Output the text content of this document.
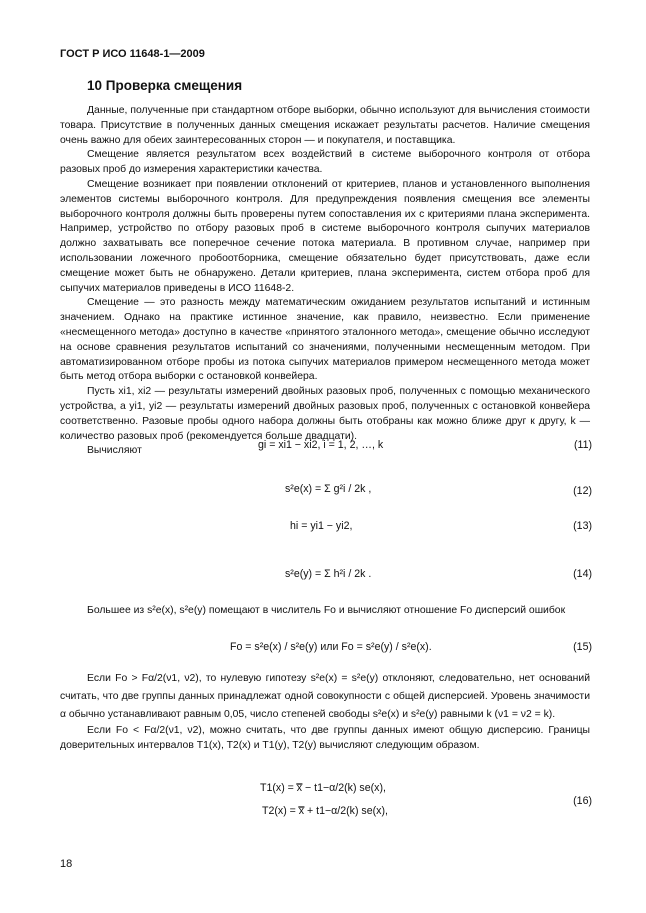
ГОСТ Р ИСО 11648-1—2009
10 Проверка смещения

Данные, полученные при стандартном отборе выборки, обычно используют для вычисления стоимости товара. Присутствие в полученных данных смещения искажает результаты расчетов. Наличие смещения очень важно для обеих заинтересованных сторон — и покупателя, и поставщика.

Смещение является результатом всех воздействий в системе выборочного контроля от отбора разовых проб до измерения характеристики качества.

Смещение возникает при появлении отклонений от критериев, планов и установленного выполнения элементов системы выборочного контроля. Для предупреждения появления смещения все элементы выборочного контроля должны быть проверены путем сопоставления их с критериями плана эксперимента. Например, устройство по отбору разовых проб в системе выборочного контроля сыпучих материалов должно захватывать все поперечное сечение потока материала. В противном случае, например при использовании ложечного пробоотборника, смещение обязательно будет присутствовать, даже если смещение может быть не обнаружено. Детали критериев, плана эксперимента, систем отбора проб для сыпучих материалов приведены в ИСО 11648-2.

Смещение — это разность между математическим ожиданием результатов испытаний и истинным значением. Однако на практике истинное значение, как правило, неизвестно. Если применение «несмещенного метода» доступно в качестве «принятого эталонного метода», смещение обычно исследуют на основе сравнения результатов испытаний со значениями, полученными несмещенным методом. При автоматизированном отборе пробы из потока сыпучих материалов примером несмещенного метода может быть метод отбора выборки с остановкой конвейера.

Пусть xi1, xi2 — результаты измерений двойных разовых проб, полученных с помощью механического устройства, а yi1, yi2 — результаты измерений двойных разовых проб, полученных с остановкой конвейера соответственно. Разовые пробы одного набора должны быть отобраны как можно ближе друг к другу, k — количество разовых проб (рекомендуется больше двадцати).

Вычисляют	gi = xi1 − xi2, i = 1, 2, …, k	(11)
s²e(x) = Σ g²i / 2k ,	(12)
hi = yi1 − yi2,	(13)
s²e(y) = Σ h²i / 2k .	(14)

Большее из s²e(x), s²e(y) помещают в числитель Fo и вычисляют отношение Fo дисперсий ошибок

Fo = s²e(x) / s²e(y) или Fo = s²e(y) / s²e(x).	(15)

Если Fo > Fα/2(ν1, ν2), то нулевую гипотезу s²e(x) = s²e(y) отклоняют, следовательно, нет оснований считать, что две группы данных принадлежат одной совокупности с общей дисперсией. Уровень значимости α обычно устанавливают равным 0,05, число степеней свободы s²e(x) и s²e(y) равными k (ν1 = ν2 = k).

Если Fo < Fα/2(ν1, ν2), можно считать, что две группы данных имеют общую дисперсию. Границы доверительных интервалов T1(x), T2(x) и T1(y), T2(y) вычисляют следующим образом.

T1(x) = x̿ − t1−α/2(k) se(x),
T2(x) = x̿ + t1−α/2(k) se(x),
(16)
18
